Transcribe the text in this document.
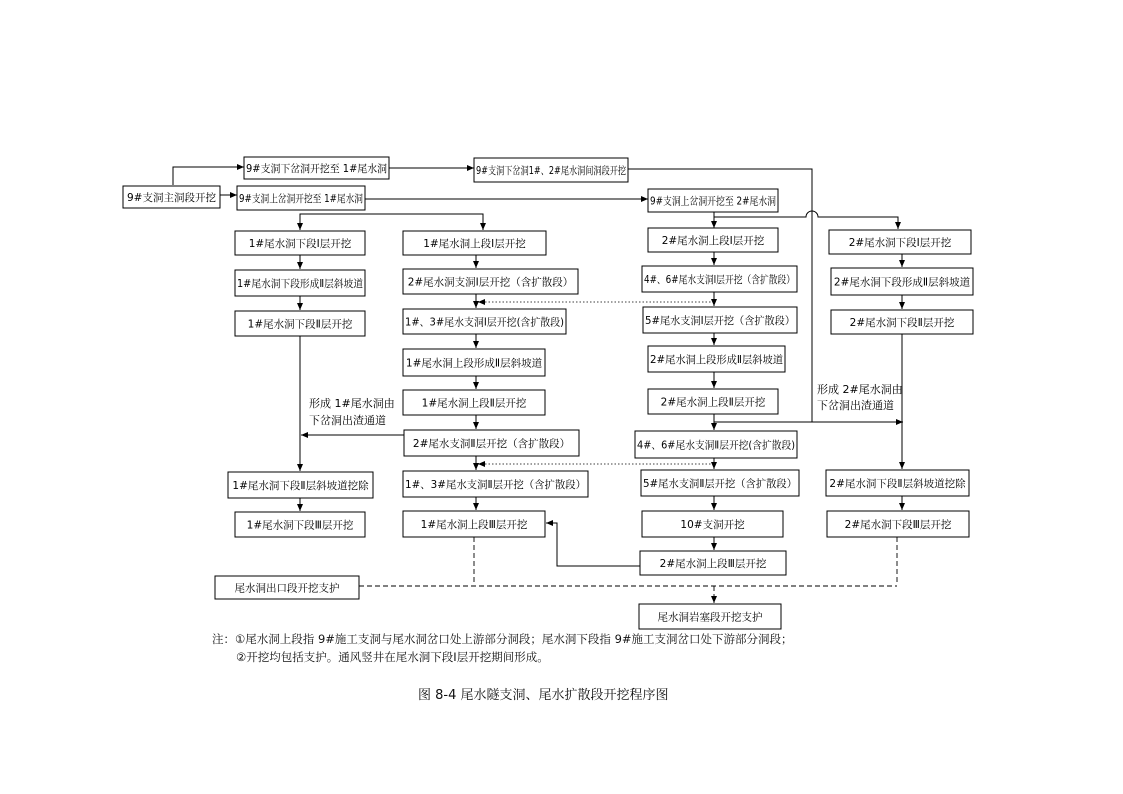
9#支洞主洞段开挖
9#支洞下岔洞开挖至 1#尾水洞
9#支洞上岔洞开挖至 1#尾水洞
9#支洞下岔洞1#、2#尾水洞间洞段开挖
9#支洞上岔洞开挖至 2#尾水洞
1#尾水洞下段Ⅰ层开挖
1#尾水洞下段形成Ⅱ层斜坡道
1#尾水洞下段Ⅱ层开挖
1#尾水洞下段Ⅱ层斜坡道挖除
1#尾水洞下段Ⅲ层开挖
1#尾水洞上段Ⅰ层开挖
2#尾水洞支洞Ⅰ层开挖（含扩散段）
1#、3#尾水支洞Ⅰ层开挖(含扩散段)
1#尾水洞上段形成Ⅱ层斜坡道
1#尾水洞上段Ⅱ层开挖
2#尾水支洞Ⅱ层开挖（含扩散段）
1#、3#尾水支洞Ⅱ层开挖（含扩散段）
1#尾水洞上段Ⅲ层开挖
2#尾水洞上段Ⅰ层开挖
4#、6#尾水支洞Ⅰ层开挖（含扩散段）
5#尾水支洞Ⅰ层开挖（含扩散段）
2#尾水洞上段形成Ⅱ层斜坡道
2#尾水洞上段Ⅱ层开挖
4#、6#尾水支洞Ⅱ层开挖(含扩散段)
5#尾水支洞Ⅱ层开挖（含扩散段）
10#支洞开挖
2#尾水洞上段Ⅲ层开挖
2#尾水洞下段Ⅰ层开挖
2#尾水洞下段形成Ⅱ层斜坡道
2#尾水洞下段Ⅱ层开挖
2#尾水洞下段Ⅱ层斜坡道挖除
2#尾水洞下段Ⅲ层开挖
尾水洞出口段开挖支护
尾水洞岩塞段开挖支护
形成 1#尾水洞由
下岔洞出渣通道
形成 2#尾水洞由
下岔洞出渣通道
注：①尾水洞上段指 9#施工支洞与尾水洞岔口处上游部分洞段；尾水洞下段指 9#施工支洞岔口处下游部分洞段；
②开挖均包括支护。通风竖井在尾水洞下段Ⅰ层开挖期间形成。
图 8-4 尾水隧支洞、尾水扩散段开挖程序图
